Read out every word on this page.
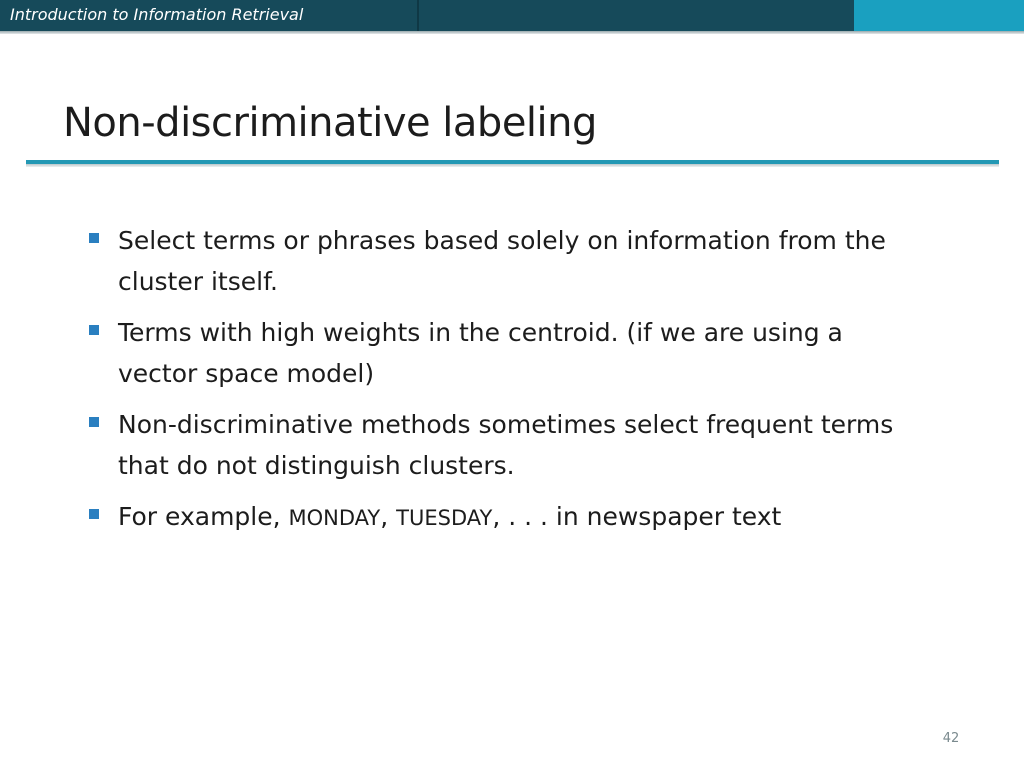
Introduction to Information Retrieval
Non-discriminative labeling
Select terms or phrases based solely on information from the cluster itself.
Terms with high weights in the centroid. (if we are using a vector space model)
Non-discriminative methods sometimes select frequent terms that do not distinguish clusters.
For example, MONDAY, TUESDAY, . . . in newspaper text
42
